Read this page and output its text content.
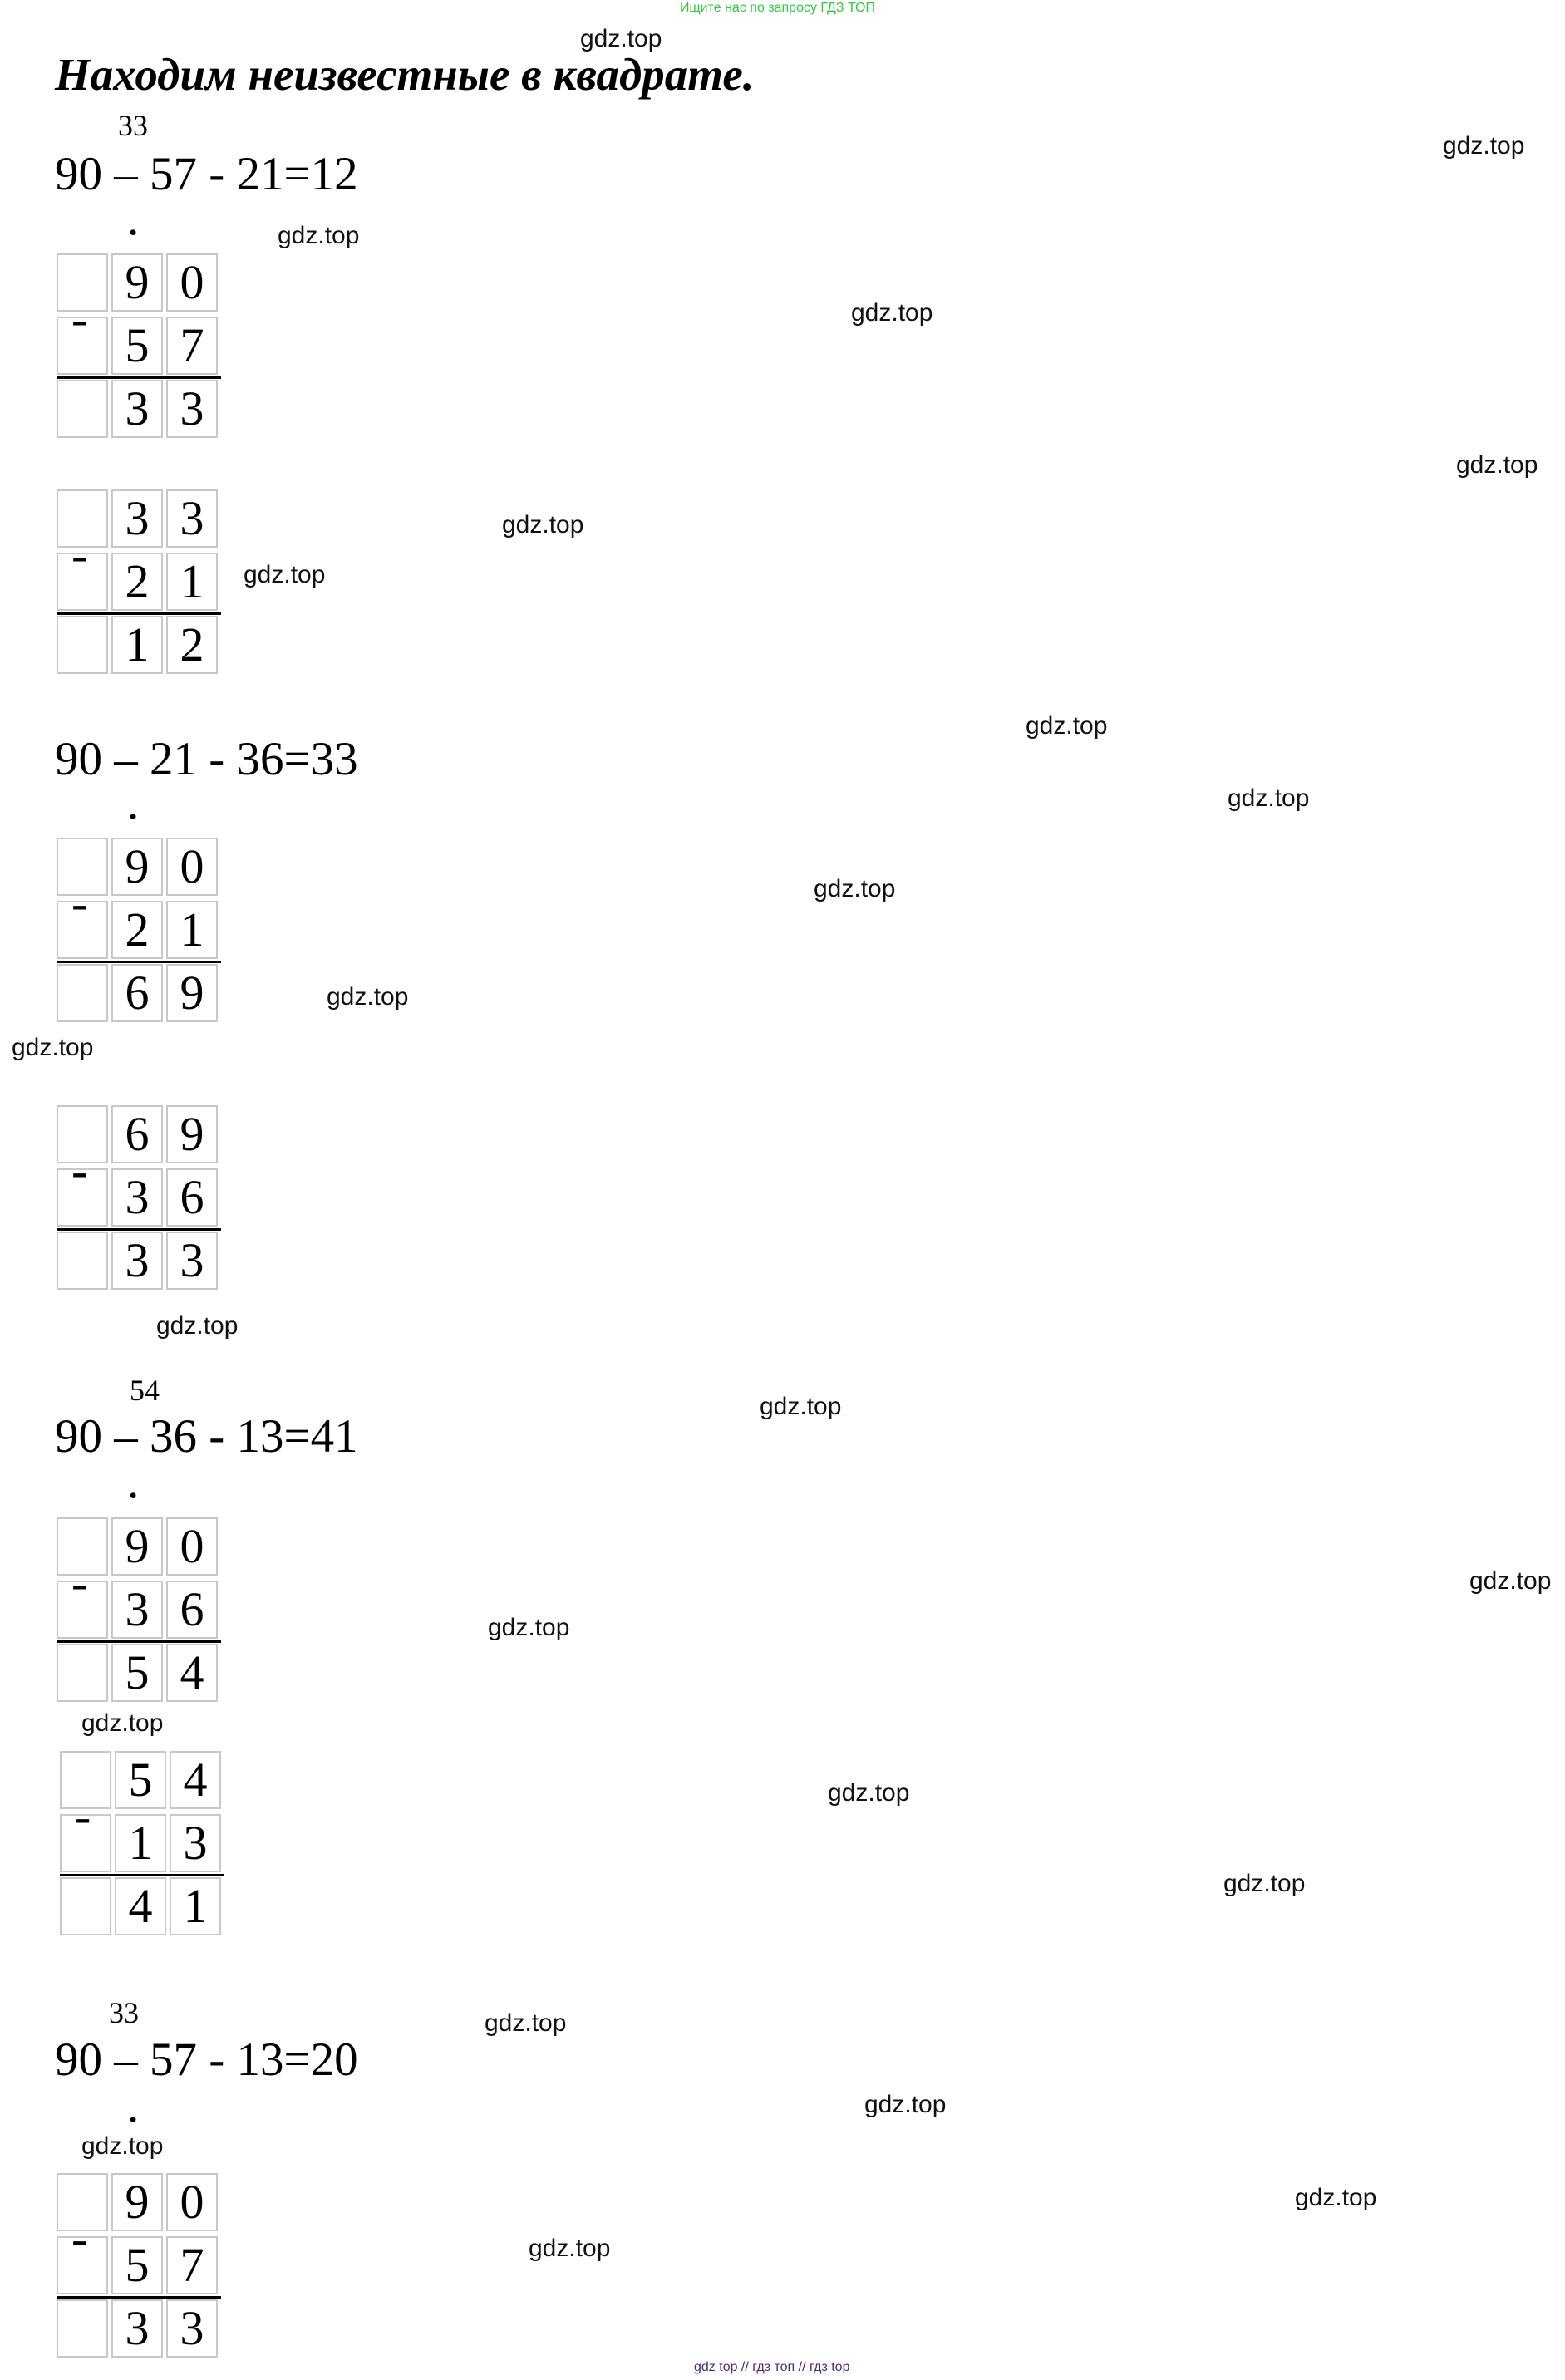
Ищите нас по запросу ГДЗ ТОП
Находим неизвестные в квадрате.
33
90 – 57 - 21=12
.
9 0
5 7
3 3
-
3 3
2 1
1 2
-
90 – 21 - 36=33
.
9 0
2 1
6 9
-
6 9
3 6
3 3
-
54
90 – 36 - 13=41
.
9 0
3 6
5 4
-
5 4
1 3
4 1
-
33
90 – 57 - 13=20
.
9 0
5 7
3 3
-
gdz.top
gdz.top
gdz.top
gdz.top
gdz.top
gdz.top
gdz.top
gdz.top
gdz.top
gdz.top
gdz.top
gdz.top
gdz.top
gdz.top
gdz.top
gdz.top
gdz.top
gdz.top
gdz.top
gdz.top
gdz.top
gdz.top
gdz.top
gdz.top
gdz top // гдз топ // гдз top
